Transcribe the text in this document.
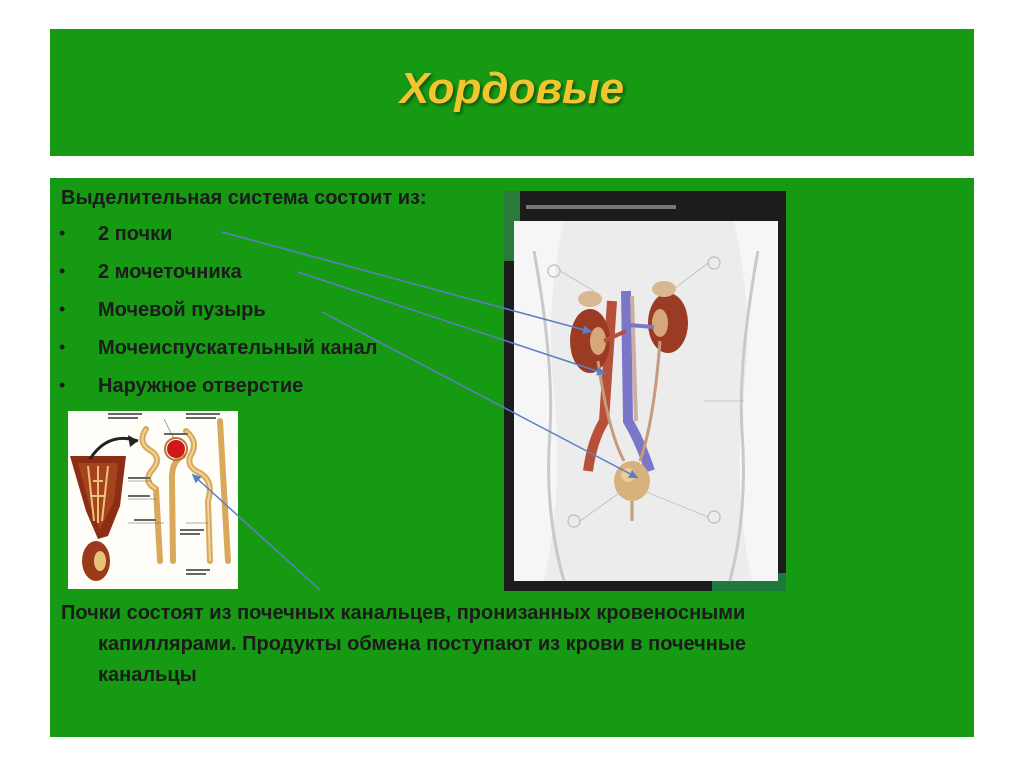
Хордовые
Выделительная система состоит из:
•	2 почки
•	2 мочеточника
•	Мочевой пузырь
•	Мочеиспускательный канал
•	Наружное отверстие
Почки состоят из почечных канальцев, пронизанных кровеносными
капиллярами. Продукты обмена поступают из крови в почечные
канальцы
